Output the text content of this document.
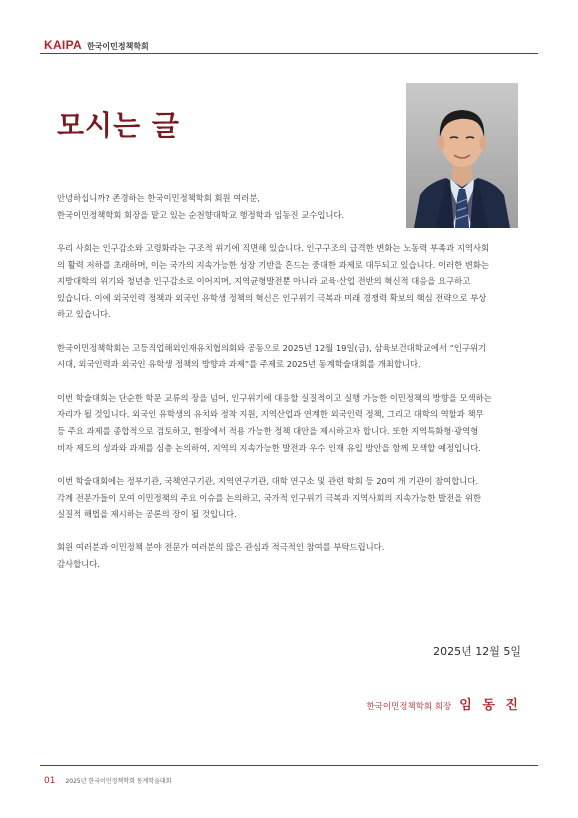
KAIPA 한국이민정책학회
모시는 글
안녕하십니까? 존경하는 한국이민정책학회 회원 여러분,
한국이민정책학회 회장을 맡고 있는 순천향대학교 행정학과 임동진 교수입니다.
우리 사회는 인구감소와 고령화라는 구조적 위기에 직면해 있습니다. 인구구조의 급격한 변화는 노동력 부족과 지역사회
의 활력 저하를 초래하며, 이는 국가의 지속가능한 성장 기반을 흔드는 중대한 과제로 대두되고 있습니다. 이러한 변화는
지방대학의 위기와 청년층 인구감소로 이어지며, 지역균형발전뿐 아니라 교육·산업 전반의 혁신적 대응을 요구하고
있습니다. 이에 외국인력 정책과 외국인 유학생 정책의 혁신은 인구위기 극복과 미래 경쟁력 확보의 핵심 전략으로 부상
하고 있습니다.
한국이민정책학회는 고등직업해외인재유치협의회와 공동으로 2025년 12월 19일(금), 삼육보건대학교에서 “인구위기
시대, 외국인력과 외국인 유학생 정책의 방향과 과제”를 주제로 2025년 동계학술대회를 개최합니다.
이번 학술대회는 단순한 학문 교류의 장을 넘어, 인구위기에 대응할 실질적이고 실행 가능한 이민정책의 방향을 모색하는
자리가 될 것입니다. 외국인 유학생의 유치와 정착 지원, 지역산업과 연계한 외국인력 정책, 그리고 대학의 역할과 책무
등 주요 과제를 종합적으로 검토하고, 현장에서 적용 가능한 정책 대안을 제시하고자 합니다. 또한 지역특화형·광역형
비자 제도의 성과와 과제를 심층 논의하여, 지역의 지속가능한 발전과 우수 인재 유입 방안을 함께 모색할 예정입니다.
이번 학술대회에는 정부기관, 국책연구기관, 지역연구기관, 대학 연구소 및 관련 학회 등 20여 개 기관이 참여합니다.
각계 전문가들이 모여 이민정책의 주요 이슈를 논의하고, 국가적 인구위기 극복과 지역사회의 지속가능한 발전을 위한
실질적 해법을 제시하는 공론의 장이 될 것입니다.
회원 여러분과 이민정책 분야 전문가 여러분의 많은 관심과 적극적인 참여를 부탁드립니다.
감사합니다.
2025년 12월 5일
한국이민정책학회 회장 임 동 진
01 2025년 한국이민정책학회 동계학술대회
